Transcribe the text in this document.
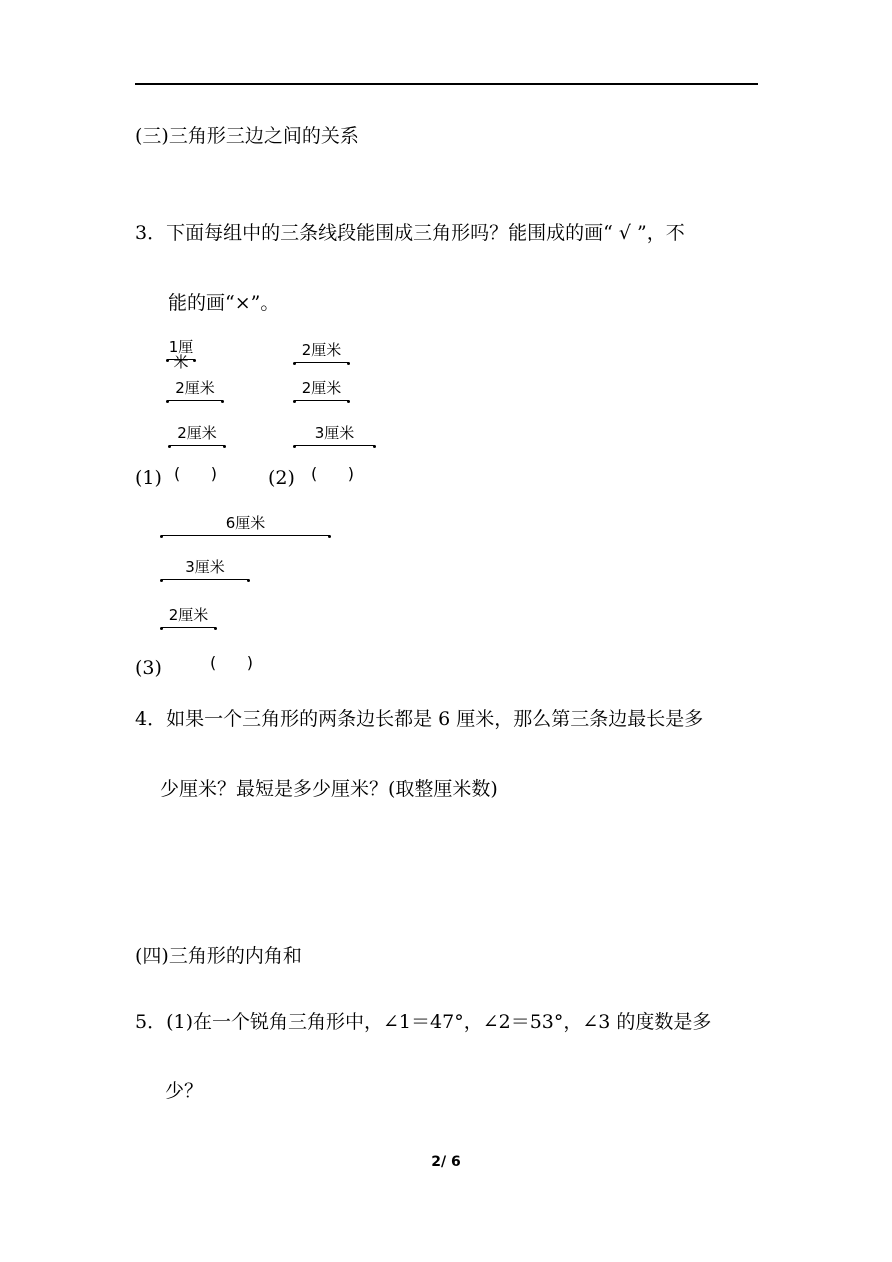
(三)三角形三边之间的关系
3．下面每组中的三条线段能围成三角形吗？能围成的画“ √ ”，不
能的画“×”。
1厘米
2厘米
2厘米
2厘米
2厘米
3厘米
(1) (      )	(2) (      )
6厘米
3厘米
2厘米
(3)	(      )
4．如果一个三角形的两条边长都是 6 厘米，那么第三条边最长是多
少厘米？最短是多少厘米？(取整厘米数)
(四)三角形的内角和
5．(1)在一个锐角三角形中，∠1＝47°，∠2＝53°，∠3 的度数是多
少？
2/ 6
